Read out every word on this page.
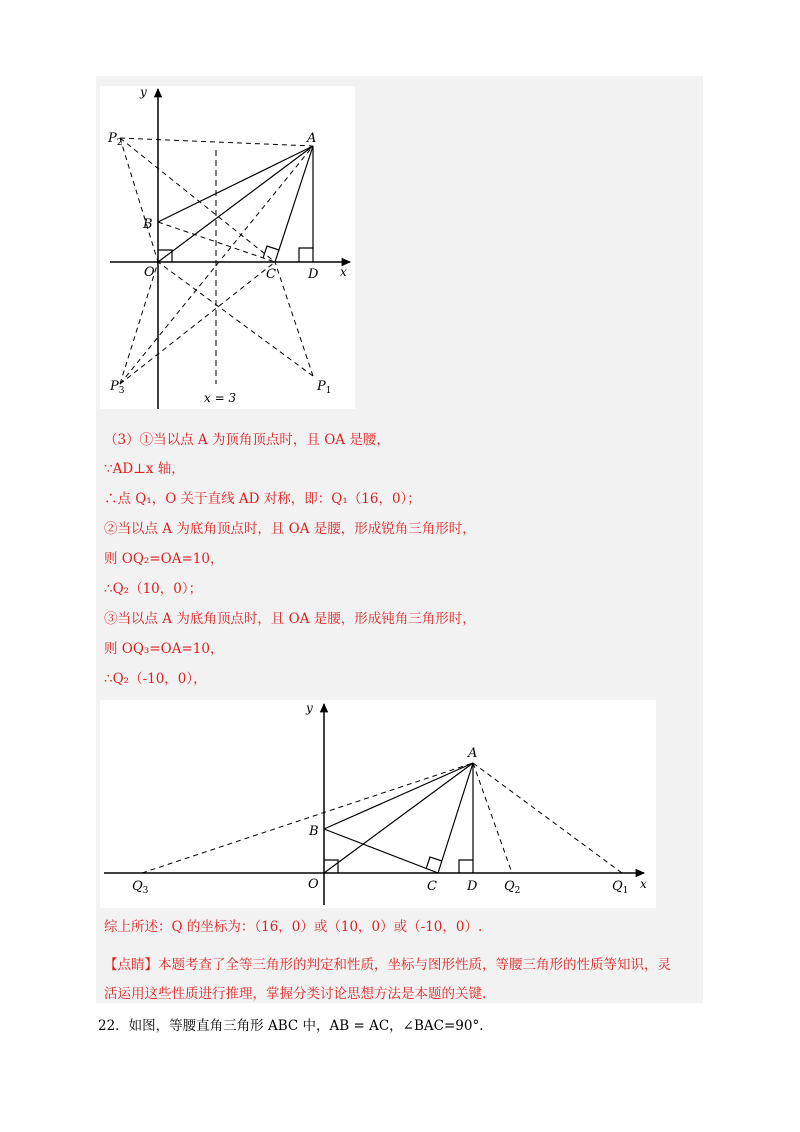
y
x
A
B
O	C D
$P_2$
$P_3$	$P_1$
x = 3
（3）①当以点 A 为顶角顶点时，且 OA 是腰，
∵AD⊥x 轴，
∴点 Q₁，O 关于直线 AD 对称，即：Q₁（16，0）；
②当以点 A 为底角顶点时，且 OA 是腰，形成锐角三角形时，
则 OQ₂=OA=10，
∴Q₂（10，0）；
③当以点 A 为底角顶点时，且 OA 是腰，形成钝角三角形时，
则 OQ₃=OA=10，
∴Q₂（-10，0），
y
x
A
B
O	C D
$Q_3$	$Q_2$	$Q_1$
综上所述：Q 的坐标为：（16，0）或（10，0）或（-10，0）.
【点睛】本题考查了全等三角形的判定和性质，坐标与图形性质，等腰三角形的性质等知识，灵
活运用这些性质进行推理，掌握分类讨论思想方法是本题的关键.
22．如图，等腰直角三角形 ABC 中，AB = AC，∠BAC=90°.
